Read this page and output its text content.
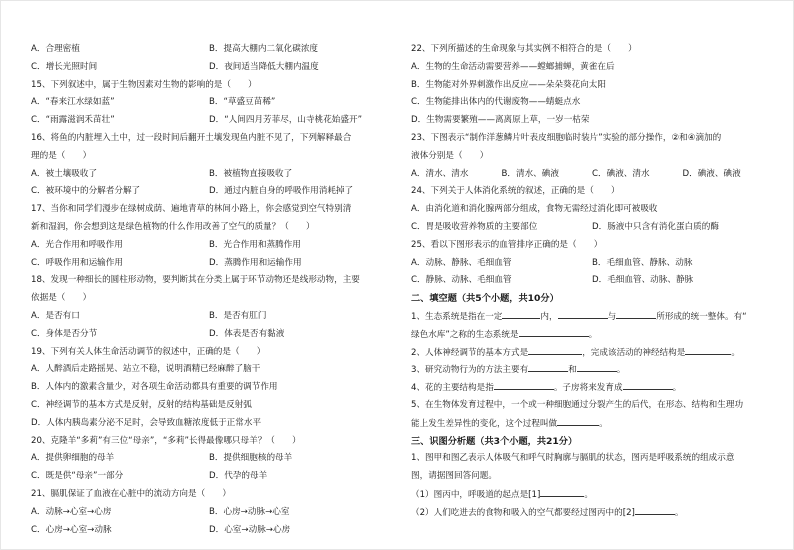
A．合理密植	B．提高大棚内二氧化碳浓度
C．增长光照时间	D．夜间适当降低大棚内温度
15、下列叙述中，属于生物因素对生物的影响的是（　　）
A．“春来江水绿如蓝”	B．“草盛豆苗稀”
C．“雨露滋润禾苗壮”	D．“人间四月芳菲尽，山寺桃花始盛开”
16、将鱼的内脏埋入土中，过一段时间后翻开土壤发现鱼内脏不见了，下列解释最合
理的是（　　）
A．被土壤吸收了	B．被植物直接吸收了
C．被环境中的分解者分解了	D．通过内脏自身的呼吸作用消耗掉了
17、当你和同学们漫步在绿树成荫、遍地青草的林间小路上，你会感觉到空气特别清
新和湿润，你会想到这是绿色植物的什么作用改善了空气的质量？（　　）
A．光合作用和呼吸作用	B．光合作用和蒸腾作用
C．呼吸作用和运输作用	D．蒸腾作用和运输作用
18、发现一种细长的圆柱形动物，要判断其在分类上属于环节动物还是线形动物，主要
依据是（　　）
A．是否有口	B．是否有肛门
C．身体是否分节	D．体表是否有黏液
19、下列有关人体生命活动调节的叙述中，正确的是（　　）
A．人醉酒后走路摇晃、站立不稳，说明酒精已经麻醉了脑干
B．人体内的激素含量少，对各项生命活动都具有重要的调节作用
C．神经调节的基本方式是反射，反射的结构基础是反射弧
D．人体内胰岛素分泌不足时，会导致血糖浓度低于正常水平
20、克隆羊“多莉”有三位“母亲”，“多莉”长得最像哪只母羊？（　　）
A．提供卵细胞的母羊	B．提供细胞核的母羊
C．既是供“母亲”一部分	D．代孕的母羊
21、膈肌保证了血液在心脏中的流动方向是（　　）
A．动脉→心室→心房	B．心房→动脉→心室
C．心房→心室→动脉	D．心室→动脉→心房
22、下列所描述的生命现象与其实例不相符合的是（　　）
A．生物的生命活动需要营养——螳螂捕蝉，黄雀在后
B．生物能对外界刺激作出反应——朵朵葵花向太阳
C．生物能排出体内的代谢废物——蜻蜓点水
D．生物需要繁殖——离离原上草，一岁一枯荣
23、下图表示“制作洋葱鳞片叶表皮细胞临时装片”实验的部分操作，②和④滴加的
液体分别是（　　）
A．清水、清水	B．清水、碘液	C．碘液、清水	D．碘液、碘液
24、下列关于人体消化系统的叙述，正确的是（　　）
A．由消化道和消化腺两部分组成，食物无需经过消化即可被吸收
C．胃是吸收营养物质的主要部位	D．肠液中只含有消化蛋白质的酶
25、看以下图形表示的血管排序正确的是（　　）
A．动脉、静脉、毛细血管	B．毛细血管、静脉、动脉
C．静脉、动脉、毛细血管	D．毛细血管、动脉、静脉
二、填空题（共5个小题，共10分）
1、生态系统是指在一定	内，	与	所形成的统一整体。有“
绿色水库”之称的生态系统是	。
2、人体神经调节的基本方式是	，完成该活动的神经结构是	。
3、研究动物行为的方法主要有	和	。
4、花的主要结构是指	。子房将来发育成	。
5、在生物体发育过程中，一个或一种细胞通过分裂产生的后代，在形态、结构和生理功
能上发生差异性的变化，这个过程叫做	。
三、识图分析题（共3个小题，共21分）
1、图甲和图乙表示人体吸气和呼气时胸廓与膈肌的状态，图丙是呼吸系统的组成示意
图，请据图回答问题。
（1）图丙中，呼吸道的起点是[1]	。
（2）人们吃进去的食物和吸入的空气都要经过图丙中的[2]	。
